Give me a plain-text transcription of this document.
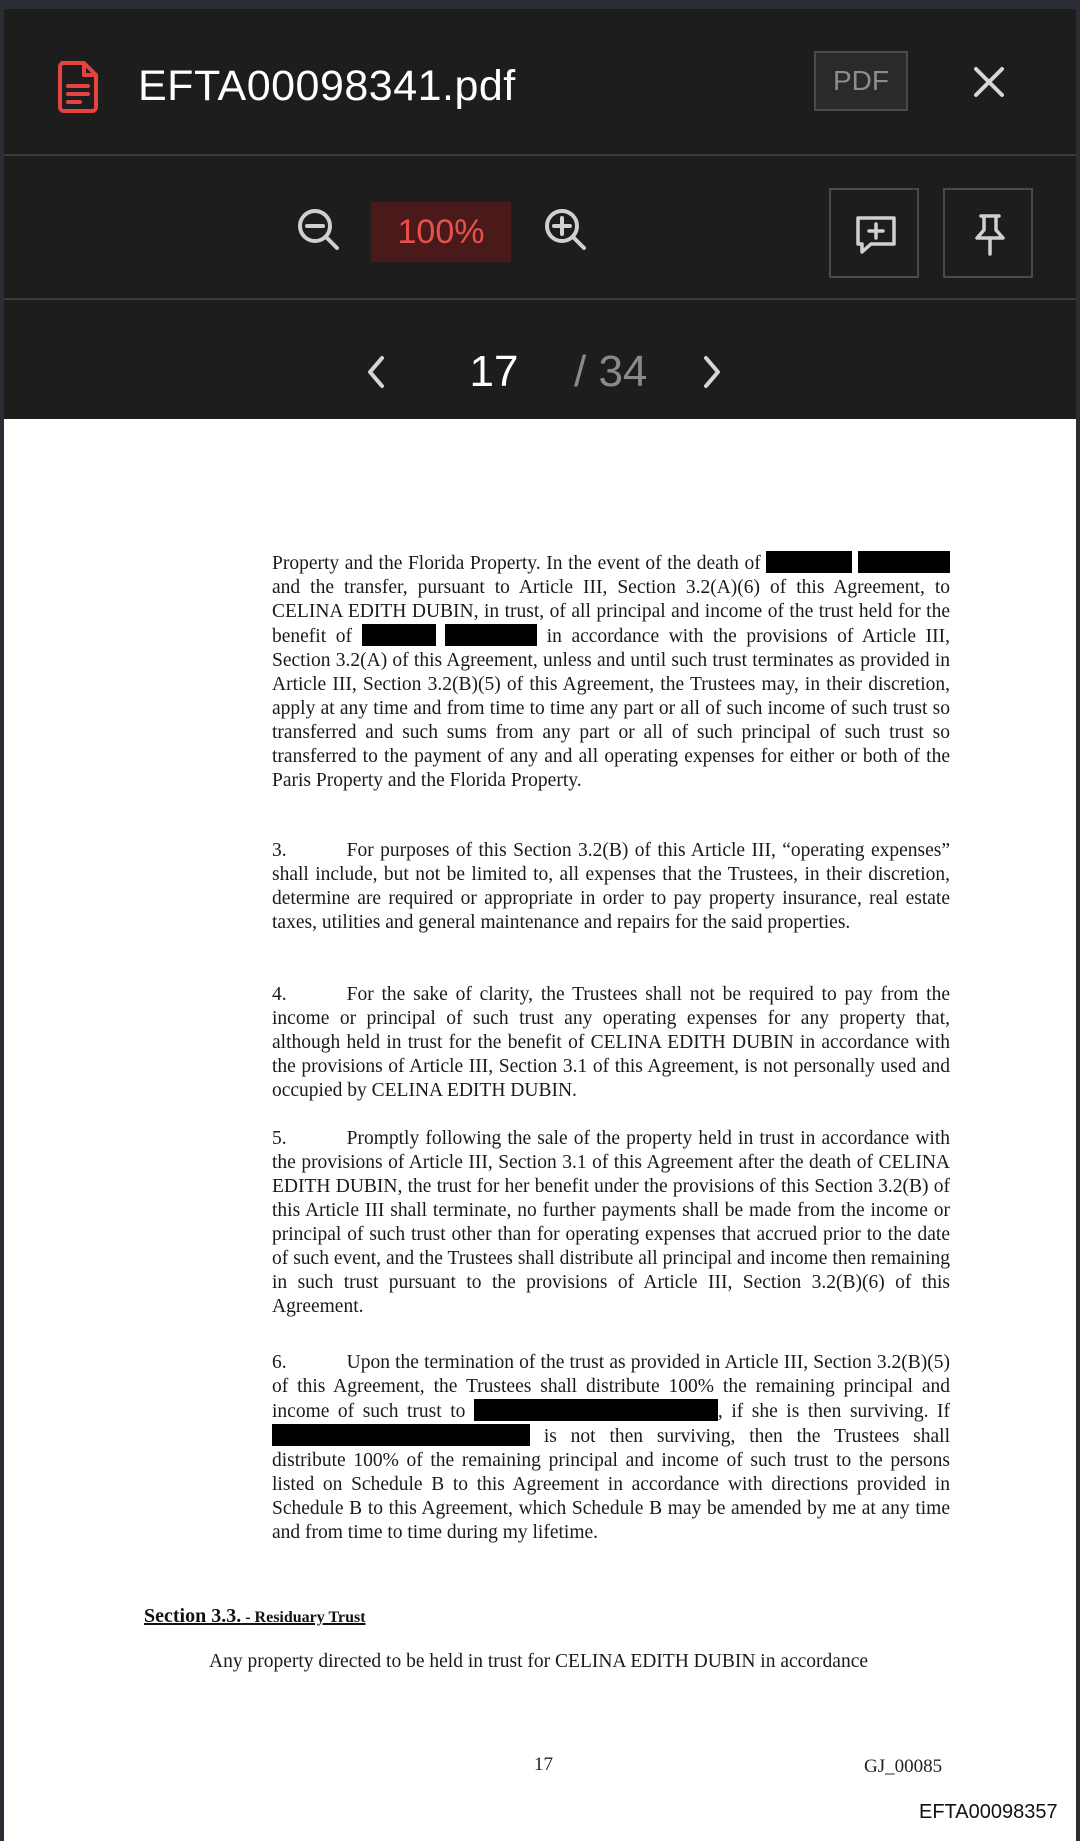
EFTA00098341.pdf	PDF
100%
17	/ 34

Property and the Florida Property. In the event of the death of   and the transfer, pursuant to Article III, Section 3.2(A)(6) of this Agreement, to CELINA EDITH DUBIN, in trust, of all principal and income of the trust held for the benefit of	in accordance with the provisions of Article III, Section 3.2(A) of this Agreement, unless and until such trust terminates as provided in Article III, Section 3.2(B)(5) of this Agreement, the Trustees may, in their discretion, apply at any time and from time to time any part or all of such income of such trust so transferred and such sums from any part or all of such principal of such trust so transferred to the payment of any and all operating expenses for either or both of the Paris Property and the Florida Property.

3.	For purposes of this Section 3.2(B) of this Article III, “operating expenses” shall include, but not be limited to, all expenses that the Trustees, in their discretion, determine are required or appropriate in order to pay property insurance, real estate taxes, utilities and general maintenance and repairs for the said properties.

4.	For the sake of clarity, the Trustees shall not be required to pay from the income or principal of such trust any operating expenses for any property that, although held in trust for the benefit of CELINA EDITH DUBIN in accordance with the provisions of Article III, Section 3.1 of this Agreement, is not personally used and occupied by CELINA EDITH DUBIN.

5.	Promptly following the sale of the property held in trust in accordance with the provisions of Article III, Section 3.1 of this Agreement after the death of CELINA EDITH DUBIN, the trust for her benefit under the provisions of this Section 3.2(B) of this Article III shall terminate, no further payments shall be made from the income or principal of such trust other than for operating expenses that accrued prior to the date of such event, and the Trustees shall distribute all principal and income then remaining in such trust pursuant to the provisions of Article III, Section 3.2(B)(6) of this Agreement.

6.	Upon the termination of the trust as provided in Article III, Section 3.2(B)(5) of this Agreement, the Trustees shall distribute 100% the remaining principal and income of such trust to	, if she is then surviving. If  is not then surviving, then the Trustees shall distribute 100% of the remaining principal and income of such trust to the persons listed on Schedule B to this Agreement in accordance with directions provided in Schedule B to this Agreement, which Schedule B may be amended by me at any time and from time to time during my lifetime.

Section 3.3. - Residuary Trust
Any property directed to be held in trust for CELINA EDITH DUBIN in accordance
17	GJ_00085
EFTA00098357
